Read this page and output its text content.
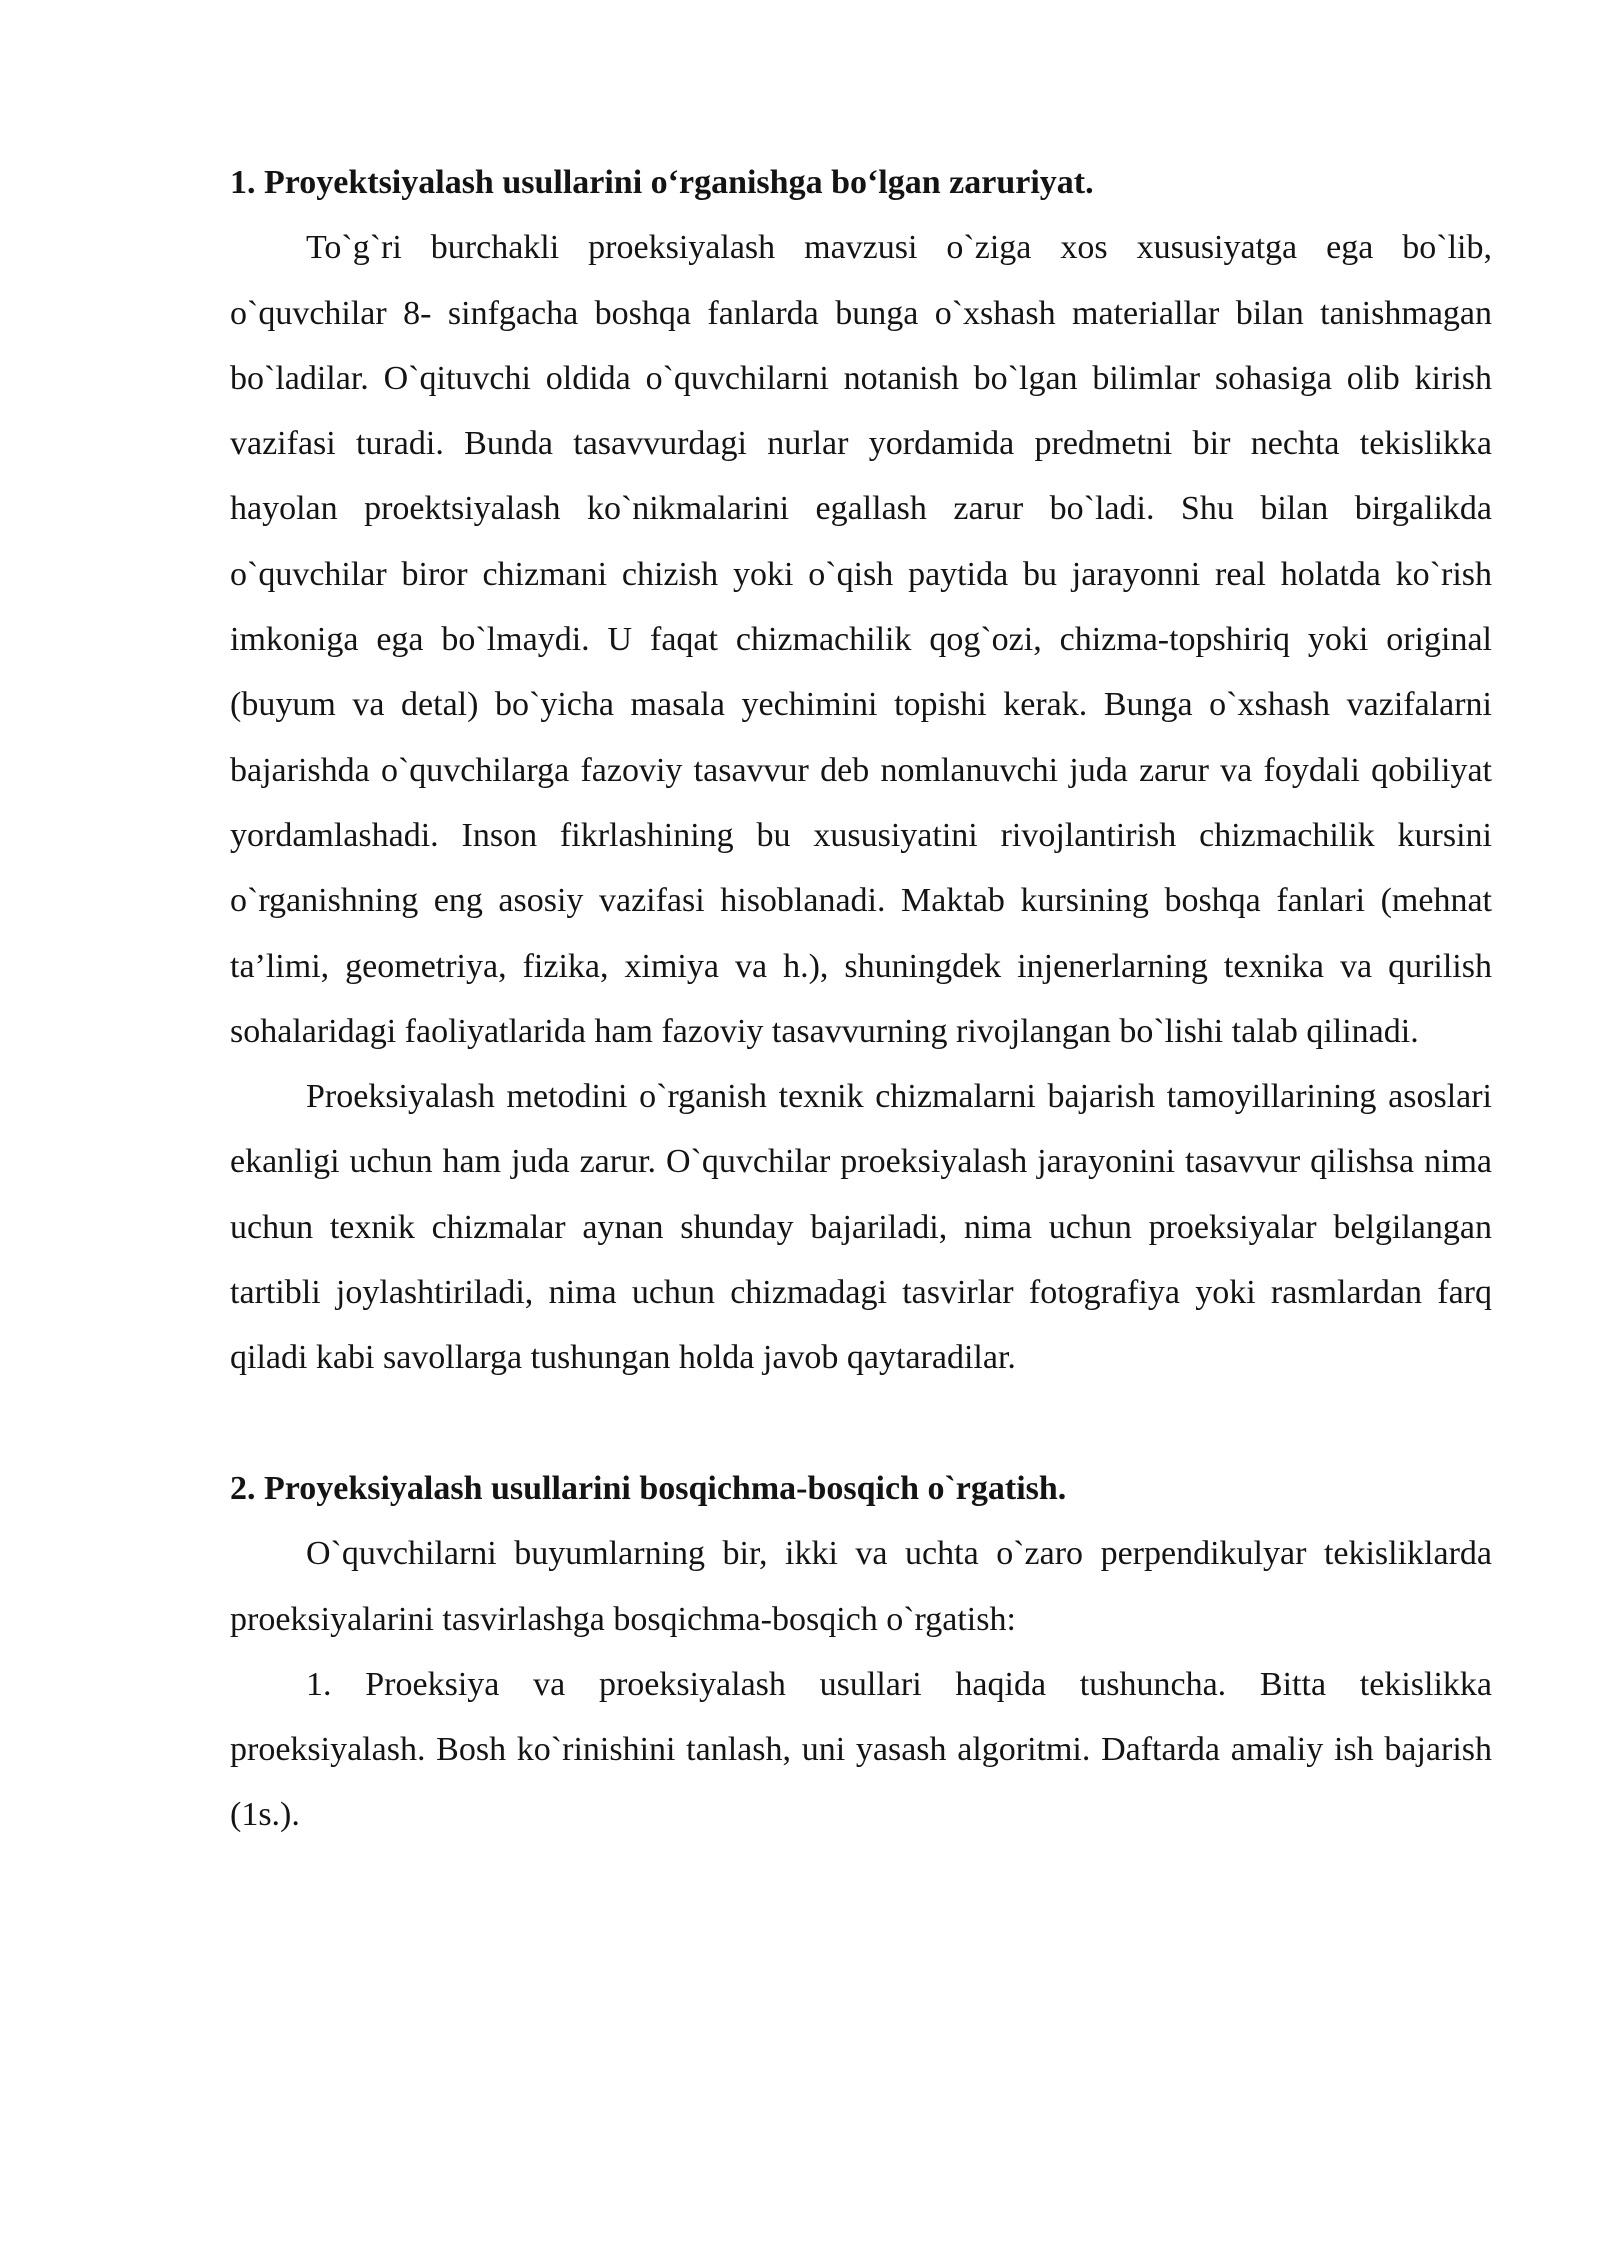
1. Proyektsiyalash usullarini o‘rganishga bo‘lgan zaruriyat.

To`g`ri burchakli proeksiyalash mavzusi o`ziga xos xususiyatga ega bo`lib, o`quvchilar 8- sinfgacha boshqa fanlarda bunga o`xshash materiallar bilan tanishmagan bo`ladilar. O`qituvchi oldida o`quvchilarni notanish bo`lgan bilimlar sohasiga olib kirish vazifasi turadi. Bunda tasavvurdagi nurlar yordamida predmetni bir nechta tekislikka hayolan proektsiyalash ko`nikmalarini egallash zarur bo`ladi. Shu bilan birgalikda o`quvchilar biror chizmani chizish yoki o`qish paytida bu jarayonni real holatda ko`rish imkoniga ega bo`lmaydi. U faqat chizmachilik qog`ozi, chizma-topshiriq yoki original (buyum va detal) bo`yicha masala yechimini topishi kerak. Bunga o`xshash vazifalarni bajarishda o`quvchilarga fazoviy tasavvur deb nomlanuvchi juda zarur va foydali qobiliyat yordamlashadi. Inson fikrlashining bu xususiyatini rivojlantirish chizmachilik kursini o`rganishning eng asosiy vazifasi hisoblanadi. Maktab kursining boshqa fanlari (mehnat ta’limi, geometriya, fizika, ximiya va h.), shuningdek injenerlarning texnika va qurilish sohalaridagi faoliyatlarida ham fazoviy tasavvurning rivojlangan bo`lishi talab qilinadi.

Proeksiyalash metodini o`rganish texnik chizmalarni bajarish tamoyillarining asoslari ekanligi uchun ham juda zarur. O`quvchilar proeksiyalash jarayonini tasavvur qilishsa nima uchun texnik chizmalar aynan shunday bajariladi, nima uchun proeksiyalar belgilangan tartibli joylashtiriladi, nima uchun chizmadagi tasvirlar fotografiya yoki rasmlardan farq qiladi kabi savollarga tushungan holda javob qaytaradilar.

2. Proyeksiyalash usullarini bosqichma-bosqich o`rgatish.

O`quvchilarni buyumlarning bir, ikki va uchta o`zaro perpendikulyar tekisliklarda proeksiyalarini tasvirlashga bosqichma-bosqich o`rgatish:

1. Proeksiya va proeksiyalash usullari haqida tushuncha. Bitta tekislikka proeksiyalash. Bosh ko`rinishini tanlash, uni yasash algoritmi. Daftarda amaliy ish bajarish (1s.).
